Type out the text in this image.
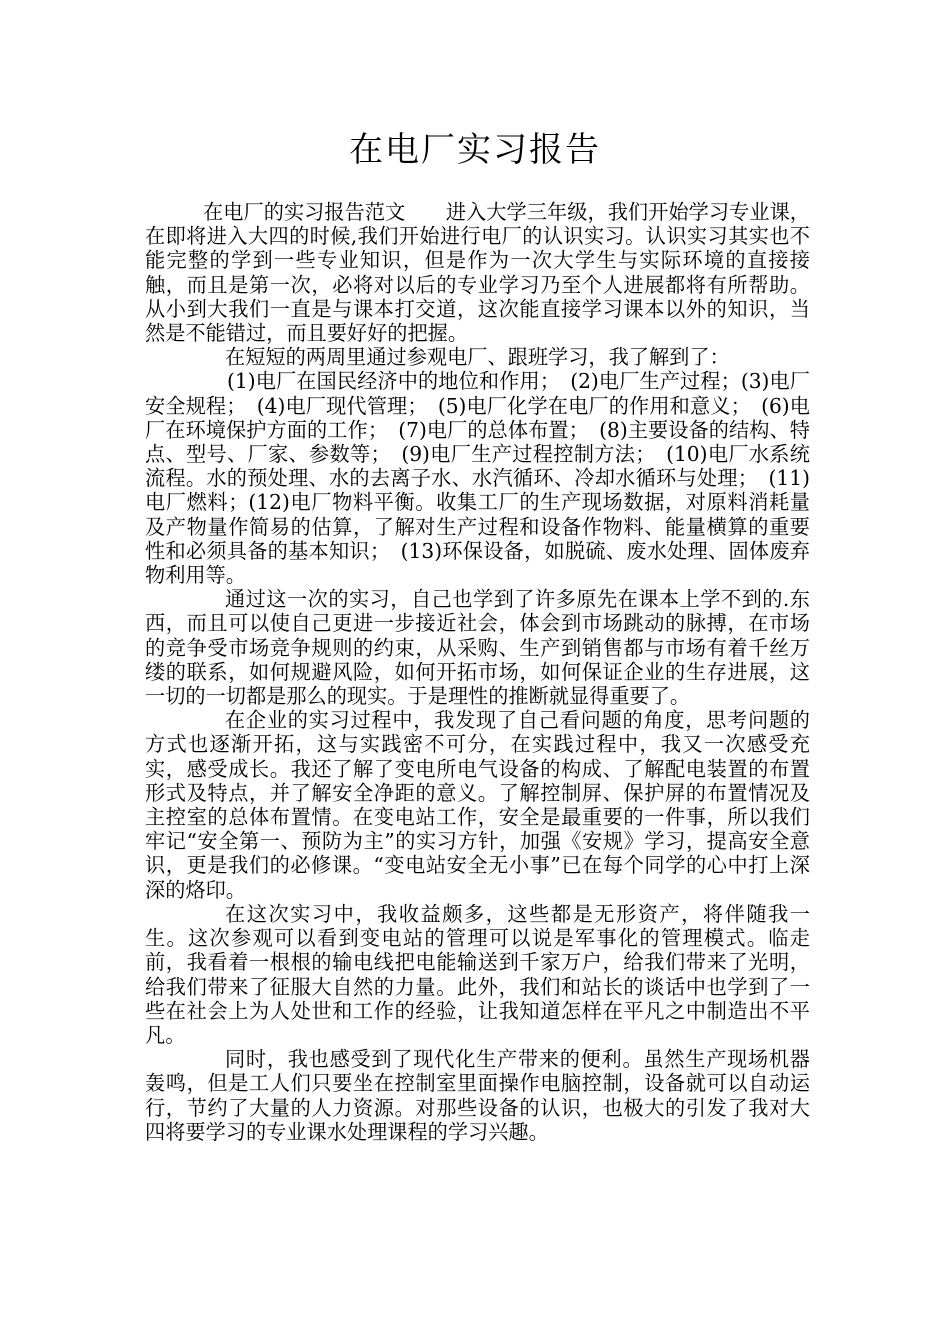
在电厂实习报告

在电厂的实习报告范文　　进入大学三年级，我们开始学习专业课，在即将进入大四的时候,我们开始进行电厂的认识实习。认识实习其实也不能完整的学到一些专业知识，但是作为一次大学生与实际环境的直接接触，而且是第一次，必将对以后的专业学习乃至个人进展都将有所帮助。从小到大我们一直是与课本打交道，这次能直接学习课本以外的知识，当然是不能错过，而且要好好的把握。

在短短的两周里通过参观电厂、跟班学习，我了解到了：

(1)电厂在国民经济中的地位和作用；　(2)电厂生产过程；(3)电厂安全规程；　(4)电厂现代管理；　(5)电厂化学在电厂的作用和意义；　(6)电厂在环境保护方面的工作；　(7)电厂的总体布置；　(8)主要设备的结构、特点、型号、厂家、参数等；　(9)电厂生产过程控制方法；　(10)电厂水系统流程。水的预处理、水的去离子水、水汽循环、冷却水循环与处理；　(11)电厂燃料；(12)电厂物料平衡。收集工厂的生产现场数据，对原料消耗量及产物量作简易的估算，了解对生产过程和设备作物料、能量横算的重要性和必须具备的基本知识；　(13)环保设备，如脱硫、废水处理、固体废弃物利用等。

通过这一次的实习，自己也学到了许多原先在课本上学不到的.东西，而且可以使自己更进一步接近社会，体会到市场跳动的脉搏，在市场的竞争受市场竞争规则的约束，从采购、生产到销售都与市场有着千丝万缕的联系，如何规避风险，如何开拓市场，如何保证企业的生存进展，这一切的一切都是那么的现实。于是理性的推断就显得重要了。

在企业的实习过程中，我发现了自己看问题的角度，思考问题的方式也逐渐开拓，这与实践密不可分，在实践过程中，我又一次感受充实，感受成长。我还了解了变电所电气设备的构成、了解配电装置的布置形式及特点，并了解安全净距的意义。了解控制屏、保护屏的布置情况及主控室的总体布置情。在变电站工作，安全是最重要的一件事，所以我们牢记“安全第一、预防为主”的实习方针，加强《安规》学习，提高安全意识，更是我们的必修课。“变电站安全无小事”已在每个同学的心中打上深深的烙印。

在这次实习中，我收益颇多，这些都是无形资产，将伴随我一生。这次参观可以看到变电站的管理可以说是军事化的管理模式。临走前，我看着一根根的输电线把电能输送到千家万户，给我们带来了光明，给我们带来了征服大自然的力量。此外，我们和站长的谈话中也学到了一些在社会上为人处世和工作的经验，让我知道怎样在平凡之中制造出不平凡。

同时，我也感受到了现代化生产带来的便利。虽然生产现场机器轰鸣，但是工人们只要坐在控制室里面操作电脑控制，设备就可以自动运行，节约了大量的人力资源。对那些设备的认识，也极大的引发了我对大四将要学习的专业课水处理课程的学习兴趣。
